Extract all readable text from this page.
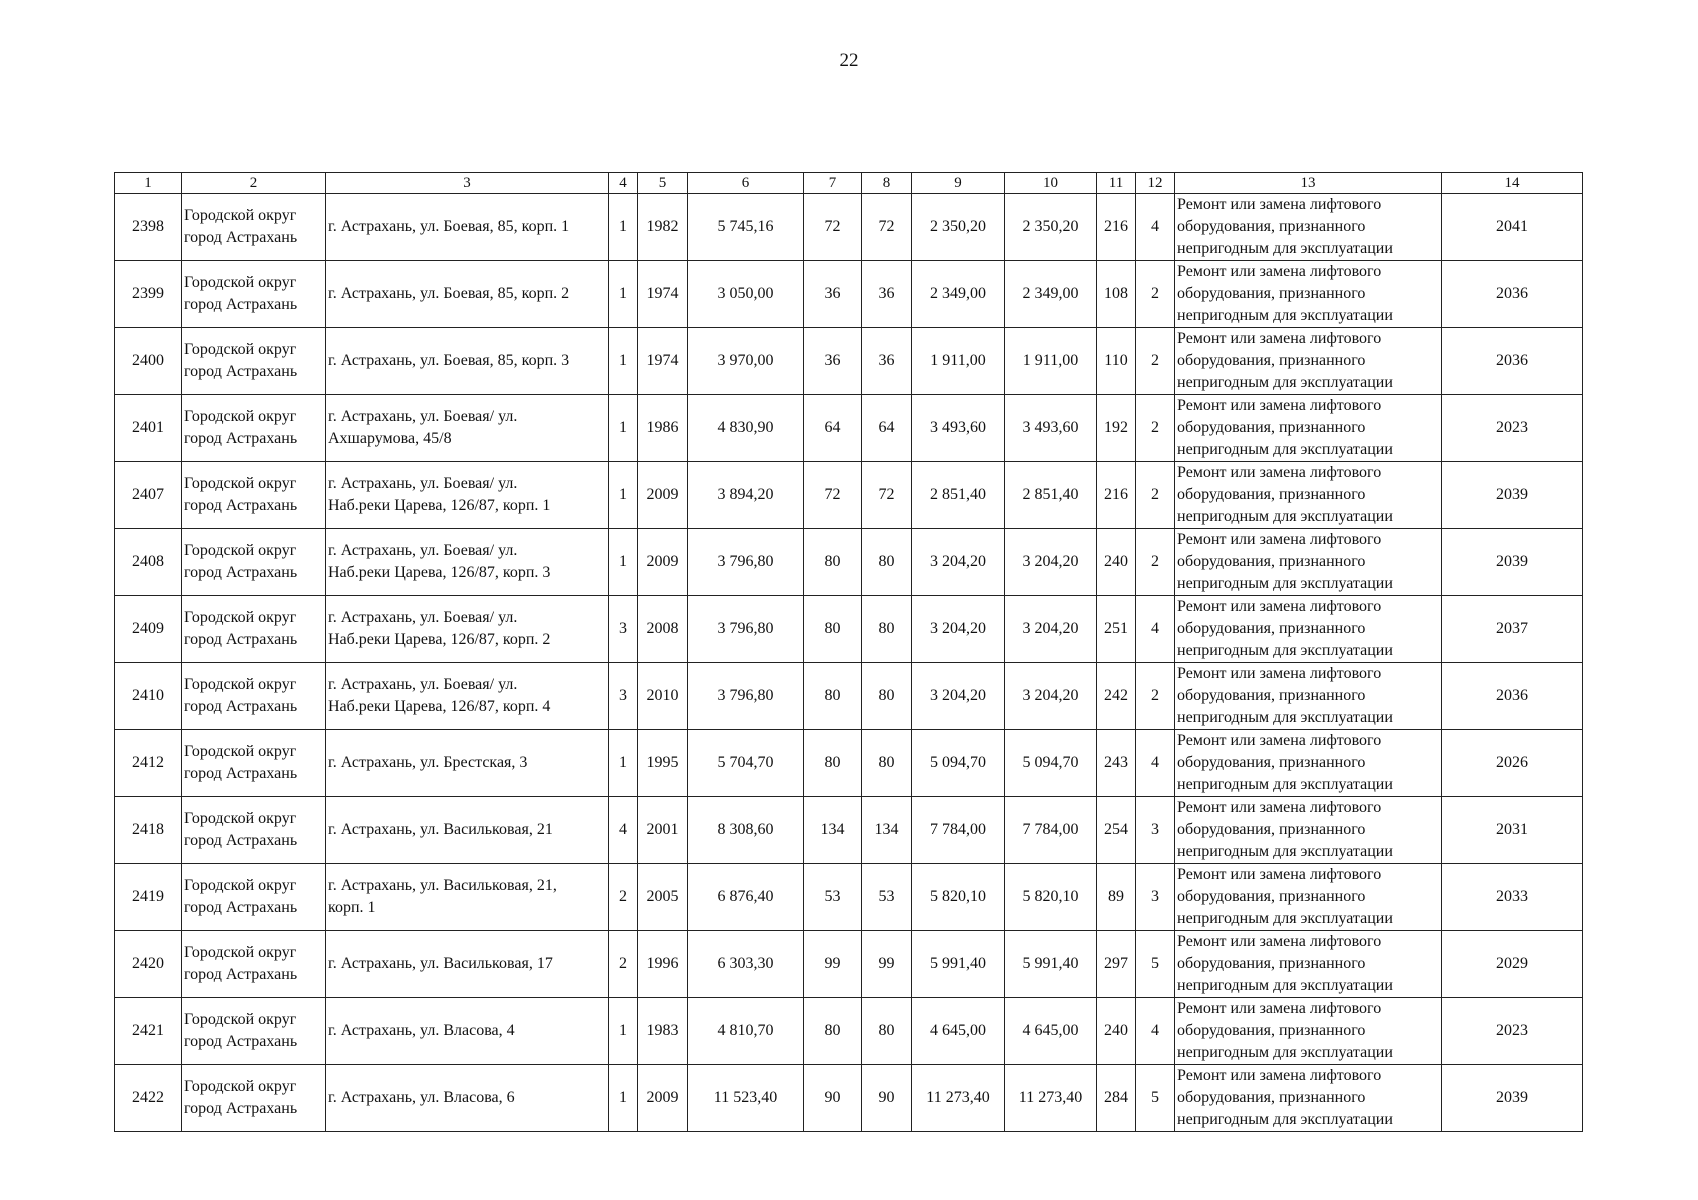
22
1	2	3	4	5	6	7	8	9	10	11	12	13	14
2398	Городской округ
город Астрахань	г. Астрахань, ул. Боевая, 85, корп. 1	1	1982	5 745,16	72	72	2 350,20	2 350,20	216	4	Ремонт или замена лифтового
оборудования, признанного
непригодным для эксплуатации	2041
2399	Городской округ
город Астрахань	г. Астрахань, ул. Боевая, 85, корп. 2	1	1974	3 050,00	36	36	2 349,00	2 349,00	108	2	Ремонт или замена лифтового
оборудования, признанного
непригодным для эксплуатации	2036
2400	Городской округ
город Астрахань	г. Астрахань, ул. Боевая, 85, корп. 3	1	1974	3 970,00	36	36	1 911,00	1 911,00	110	2	Ремонт или замена лифтового
оборудования, признанного
непригодным для эксплуатации	2036
2401	Городской округ
город Астрахань	г. Астрахань, ул. Боевая/ ул.
Ахшарумова, 45/8	1	1986	4 830,90	64	64	3 493,60	3 493,60	192	2	Ремонт или замена лифтового
оборудования, признанного
непригодным для эксплуатации	2023
2407	Городской округ
город Астрахань	г. Астрахань, ул. Боевая/ ул.
Наб.реки Царева, 126/87, корп. 1	1	2009	3 894,20	72	72	2 851,40	2 851,40	216	2	Ремонт или замена лифтового
оборудования, признанного
непригодным для эксплуатации	2039
2408	Городской округ
город Астрахань	г. Астрахань, ул. Боевая/ ул.
Наб.реки Царева, 126/87, корп. 3	1	2009	3 796,80	80	80	3 204,20	3 204,20	240	2	Ремонт или замена лифтового
оборудования, признанного
непригодным для эксплуатации	2039
2409	Городской округ
город Астрахань	г. Астрахань, ул. Боевая/ ул.
Наб.реки Царева, 126/87, корп. 2	3	2008	3 796,80	80	80	3 204,20	3 204,20	251	4	Ремонт или замена лифтового
оборудования, признанного
непригодным для эксплуатации	2037
2410	Городской округ
город Астрахань	г. Астрахань, ул. Боевая/ ул.
Наб.реки Царева, 126/87, корп. 4	3	2010	3 796,80	80	80	3 204,20	3 204,20	242	2	Ремонт или замена лифтового
оборудования, признанного
непригодным для эксплуатации	2036
2412	Городской округ
город Астрахань	г. Астрахань, ул. Брестская, 3	1	1995	5 704,70	80	80	5 094,70	5 094,70	243	4	Ремонт или замена лифтового
оборудования, признанного
непригодным для эксплуатации	2026
2418	Городской округ
город Астрахань	г. Астрахань, ул. Васильковая, 21	4	2001	8 308,60	134	134	7 784,00	7 784,00	254	3	Ремонт или замена лифтового
оборудования, признанного
непригодным для эксплуатации	2031
2419	Городской округ
город Астрахань	г. Астрахань, ул. Васильковая, 21,
корп. 1	2	2005	6 876,40	53	53	5 820,10	5 820,10	89	3	Ремонт или замена лифтового
оборудования, признанного
непригодным для эксплуатации	2033
2420	Городской округ
город Астрахань	г. Астрахань, ул. Васильковая, 17	2	1996	6 303,30	99	99	5 991,40	5 991,40	297	5	Ремонт или замена лифтового
оборудования, признанного
непригодным для эксплуатации	2029
2421	Городской округ
город Астрахань	г. Астрахань, ул. Власова, 4	1	1983	4 810,70	80	80	4 645,00	4 645,00	240	4	Ремонт или замена лифтового
оборудования, признанного
непригодным для эксплуатации	2023
2422	Городской округ
город Астрахань	г. Астрахань, ул. Власова, 6	1	2009	11 523,40	90	90	11 273,40	11 273,40	284	5	Ремонт или замена лифтового
оборудования, признанного
непригодным для эксплуатации	2039
